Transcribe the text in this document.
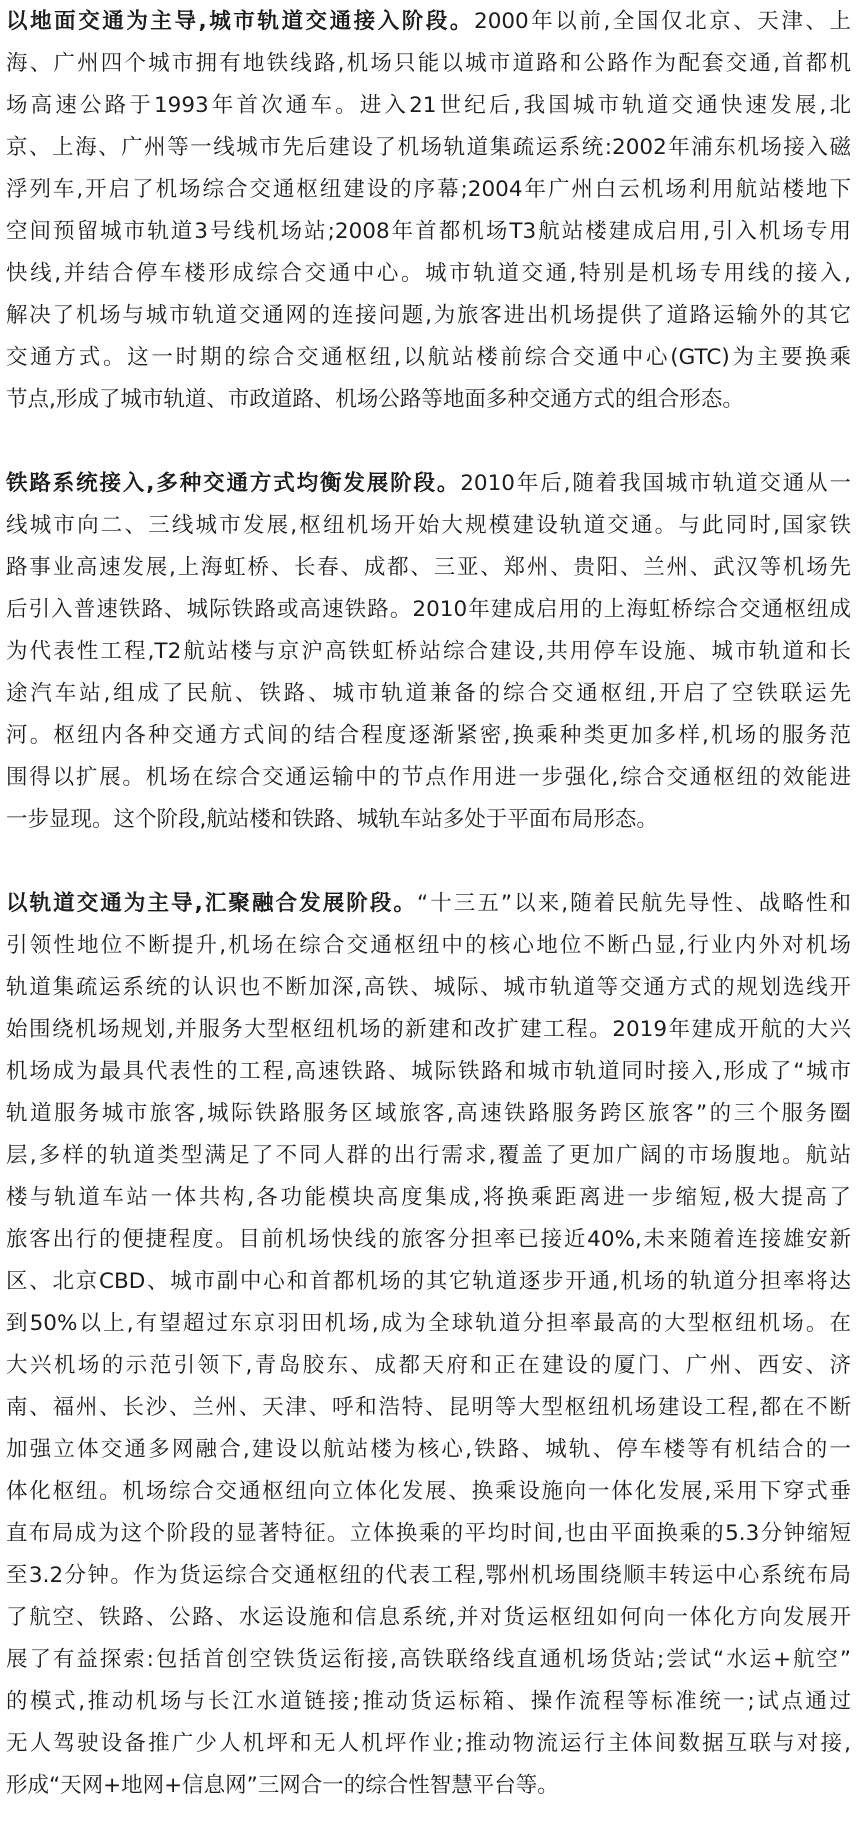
以地面交通为主导,城市轨道交通接入阶段。2000年以前,全国仅北京、天津、上
海、广州四个城市拥有地铁线路,机场只能以城市道路和公路作为配套交通,首都机
场高速公路于1993年首次通车。进入21世纪后,我国城市轨道交通快速发展,北
京、上海、广州等一线城市先后建设了机场轨道集疏运系统:2002年浦东机场接入磁
浮列车,开启了机场综合交通枢纽建设的序幕;2004年广州白云机场利用航站楼地下
空间预留城市轨道3号线机场站;2008年首都机场T3航站楼建成启用,引入机场专用
快线,并结合停车楼形成综合交通中心。城市轨道交通,特别是机场专用线的接入,
解决了机场与城市轨道交通网的连接问题,为旅客进出机场提供了道路运输外的其它
交通方式。这一时期的综合交通枢纽,以航站楼前综合交通中心(GTC)为主要换乘
节点,形成了城市轨道、市政道路、机场公路等地面多种交通方式的组合形态。
铁路系统接入,多种交通方式均衡发展阶段。2010年后,随着我国城市轨道交通从一
线城市向二、三线城市发展,枢纽机场开始大规模建设轨道交通。与此同时,国家铁
路事业高速发展,上海虹桥、长春、成都、三亚、郑州、贵阳、兰州、武汉等机场先
后引入普速铁路、城际铁路或高速铁路。2010年建成启用的上海虹桥综合交通枢纽成
为代表性工程,T2航站楼与京沪高铁虹桥站综合建设,共用停车设施、城市轨道和长
途汽车站,组成了民航、铁路、城市轨道兼备的综合交通枢纽,开启了空铁联运先
河。枢纽内各种交通方式间的结合程度逐渐紧密,换乘种类更加多样,机场的服务范
围得以扩展。机场在综合交通运输中的节点作用进一步强化,综合交通枢纽的效能进
一步显现。这个阶段,航站楼和铁路、城轨车站多处于平面布局形态。
以轨道交通为主导,汇聚融合发展阶段。“十三五”以来,随着民航先导性、战略性和
引领性地位不断提升,机场在综合交通枢纽中的核心地位不断凸显,行业内外对机场
轨道集疏运系统的认识也不断加深,高铁、城际、城市轨道等交通方式的规划选线开
始围绕机场规划,并服务大型枢纽机场的新建和改扩建工程。2019年建成开航的大兴
机场成为最具代表性的工程,高速铁路、城际铁路和城市轨道同时接入,形成了“城市
轨道服务城市旅客,城际铁路服务区域旅客,高速铁路服务跨区旅客”的三个服务圈
层,多样的轨道类型满足了不同人群的出行需求,覆盖了更加广阔的市场腹地。航站
楼与轨道车站一体共构,各功能模块高度集成,将换乘距离进一步缩短,极大提高了
旅客出行的便捷程度。目前机场快线的旅客分担率已接近40%,未来随着连接雄安新
区、北京CBD、城市副中心和首都机场的其它轨道逐步开通,机场的轨道分担率将达
到50%以上,有望超过东京羽田机场,成为全球轨道分担率最高的大型枢纽机场。在
大兴机场的示范引领下,青岛胶东、成都天府和正在建设的厦门、广州、西安、济
南、福州、长沙、兰州、天津、呼和浩特、昆明等大型枢纽机场建设工程,都在不断
加强立体交通多网融合,建设以航站楼为核心,铁路、城轨、停车楼等有机结合的一
体化枢纽。机场综合交通枢纽向立体化发展、换乘设施向一体化发展,采用下穿式垂
直布局成为这个阶段的显著特征。立体换乘的平均时间,也由平面换乘的5.3分钟缩短
至3.2分钟。作为货运综合交通枢纽的代表工程,鄂州机场围绕顺丰转运中心系统布局
了航空、铁路、公路、水运设施和信息系统,并对货运枢纽如何向一体化方向发展开
展了有益探索:包括首创空铁货运衔接,高铁联络线直通机场货站;尝试“水运+航空”
的模式,推动机场与长江水道链接;推动货运标箱、操作流程等标准统一;试点通过
无人驾驶设备推广少人机坪和无人机坪作业;推动物流运行主体间数据互联与对接,
形成“天网+地网+信息网”三网合一的综合性智慧平台等。
